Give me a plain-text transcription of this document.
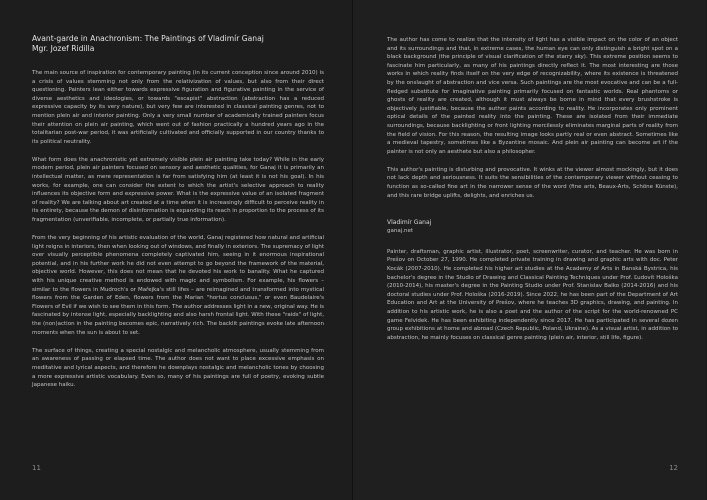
Avant-garde in Anachronism: The Paintings of Vladimír Ganaj
Mgr. Jozef Ridilla

The main source of inspiration for contemporary painting (in its current conception since around 2010) is a crisis of values stemming not only from the relativization of values, but also from their direct questioning. Painters lean either towards expressive figuration and figurative painting in the service of diverse aesthetics and ideologies, or towards "escapist" abstraction (abstraction has a reduced expressive capacity by its very nature), but very few are interested in classical painting genres, not to mention plein air and interior painting. Only a very small number of academically trained painters focus their attention on plein air painting, which went out of fashion practically a hundred years ago in the totalitarian post-war period, it was artificially cultivated and officially supported in our country thanks to its political neutrality.

What form does the anachronistic yet extremely visible plein air painting take today? While in the early modern period, plein air painters focused on sensory and aesthetic qualities, for Ganaj it is primarily an intellectual matter, as mere representation is far from satisfying him (at least it is not his goal). In his works, for example, one can consider the extent to which the artist's selective approach to reality influences its objective form and expressive power. What is the expressive value of an isolated fragment of reality? We are talking about art created at a time when it is increasingly difficult to perceive reality in its entirety, because the demon of disinformation is expanding its reach in proportion to the process of its fragmentation (unverifiable, incomplete, or partially true information).

From the very beginning of his artistic evaluation of the world, Ganaj registered how natural and artificial light reigns in interiors, then when looking out of windows, and finally in exteriors. The supremacy of light over visually perceptible phenomena completely captivated him, seeing in it enormous inspirational potential, and in his further work he did not even attempt to go beyond the framework of the material, objective world. However, this does not mean that he devoted his work to banality. What he captured with his unique creative method is endowed with magic and symbolism. For example, his flowers – similar to the flowers in Mudroch's or Mařejka's still lifes – are reimagined and transformed into mystical flowers from the Garden of Eden, flowers from the Marian "hortus conclusus," or even Baudelaire's Flowers of Evil if we wish to see them in this form. The author addresses light in a new, original way. He is fascinated by intense light, especially backlighting and also harsh frontal light. With these "raids" of light, the (non)action in the painting becomes epic, narratively rich. The backlit paintings evoke late afternoon moments when the sun is about to set.

The surface of things, creating a special nostalgic and melancholic atmosphere, usually stemming from an awareness of passing or elapsed time. The author does not want to place excessive emphasis on meditative and lyrical aspects, and therefore he downplays nostalgic and melancholic tones by choosing a more expressive artistic vocabulary. Even so, many of his paintings are full of poetry, evoking subtle Japanese haiku.

11

The author has come to realize that the intensity of light has a visible impact on the color of an object and its surroundings and that, in extreme cases, the human eye can only distinguish a bright spot on a black background (the principle of visual clarification of the starry sky). This extreme position seems to fascinate him particularly, as many of his paintings directly reflect it. The most interesting are those works in which reality finds itself on the very edge of recognizability, where its existence is threatened by the onslaught of abstraction and vice versa. Such paintings are the most evocative and can be a full-fledged substitute for imaginative painting primarily focused on fantastic worlds. Real phantoms or ghosts of reality are created, although it must always be borne in mind that every brushstroke is objectively justifiable, because the author paints according to reality. He incorporates only prominent optical details of the painted reality into the painting. These are isolated from their immediate surroundings, because backlighting or front lighting mercilessly eliminates marginal parts of reality from the field of vision. For this reason, the resulting image looks partly real or even abstract. Sometimes like a medieval tapestry, sometimes like a Byzantine mosaic. And plein air painting can become art if the painter is not only an aesthete but also a philosopher.

This author's painting is disturbing and provocative. It winks at the viewer almost mockingly, but it does not lack depth and seriousness. It suits the sensibilities of the contemporary viewer without ceasing to function as so-called fine art in the narrower sense of the word (fine arts, Beaux-Arts, Schöne Künste), and this rare bridge uplifts, delights, and enriches us.

Vladimír Ganaj
ganaj.net

Painter, draftsman, graphic artist, illustrator, poet, screenwriter, curator, and teacher. He was born in Prešov on October 27, 1990. He completed private training in drawing and graphic arts with doc. Peter Kocák (2007-2010). He completed his higher art studies at the Academy of Arts in Banská Bystrica, his bachelor's degree in the Studio of Drawing and Classical Painting Techniques under Prof. Ľudovít Hološka (2010-2014), his master's degree in the Painting Studio under Prof. Stanislav Balko (2014-2016) and his doctoral studies under Prof. Hološka (2016-2019). Since 2022, he has been part of the Department of Art Education and Art at the University of Prešov, where he teaches 3D graphics, drawing, and painting. In addition to his artistic work, he is also a poet and the author of the script for the world-renowned PC game Felvidek. He has been exhibiting independently since 2017. He has participated in several dozen group exhibitions at home and abroad (Czech Republic, Poland, Ukraine). As a visual artist, in addition to abstraction, he mainly focuses on classical genre painting (plein air, interior, still life, figure).

12
